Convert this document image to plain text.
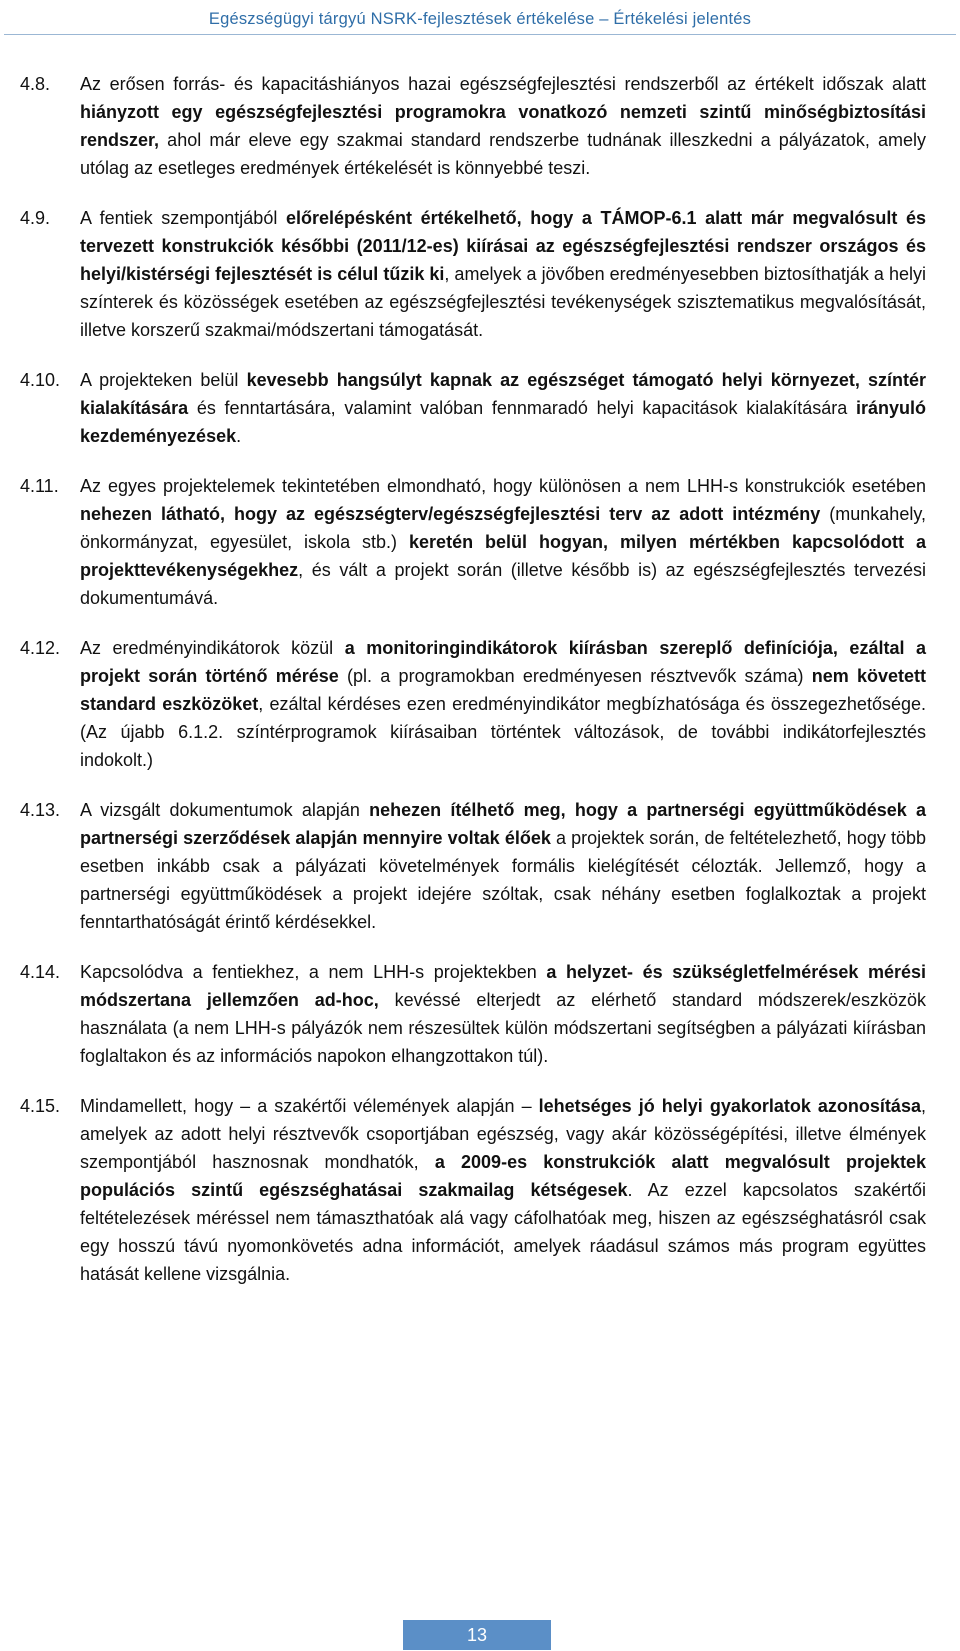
Egészségügyi tárgyú NSRK-fejlesztések értékelése – Értékelési jelentés
4.8. Az erősen forrás- és kapacitáshiányos hazai egészségfejlesztési rendszerből az értékelt időszak alatt hiányzott egy egészségfejlesztési programokra vonatkozó nemzeti szintű minőségbiztosítási rendszer, ahol már eleve egy szakmai standard rendszerbe tudnának illeszkedni a pályázatok, amely utólag az esetleges eredmények értékelését is könnyebbé teszi.
4.9. A fentiek szempontjából előrelépésként értékelhető, hogy a TÁMOP-6.1 alatt már megvalósult és tervezett konstrukciók későbbi (2011/12-es) kiírásai az egészségfejlesztési rendszer országos és helyi/kistérségi fejlesztését is célul tűzik ki, amelyek a jövőben eredményesebben biztosíthatják a helyi színterek és közösségek esetében az egészségfejlesztési tevékenységek szisztematikus megvalósítását, illetve korszerű szakmai/módszertani támogatását.
4.10. A projekteken belül kevesebb hangsúlyt kapnak az egészséget támogató helyi környezet, színtér kialakítására és fenntartására, valamint valóban fennmaradó helyi kapacitások kialakítására irányuló kezdeményezések.
4.11. Az egyes projektelemek tekintetében elmondható, hogy különösen a nem LHH-s konstrukciók esetében nehezen látható, hogy az egészségterv/egészségfejlesztési terv az adott intézmény (munkahely, önkormányzat, egyesület, iskola stb.) keretén belül hogyan, milyen mértékben kapcsolódott a projekttevékenységekhez, és vált a projekt során (illetve később is) az egészségfejlesztés tervezési dokumentumává.
4.12. Az eredményindikátorok közül a monitoringindikátorok kiírásban szereplő definíciója, ezáltal a projekt során történő mérése (pl. a programokban eredményesen résztvevők száma) nem követett standard eszközöket, ezáltal kérdéses ezen eredményindikátor megbízhatósága és összegezhetősége. (Az újabb 6.1.2. színtérprogramok kiírásaiban történtek változások, de további indikátorfejlesztés indokolt.)
4.13. A vizsgált dokumentumok alapján nehezen ítélhető meg, hogy a partnerségi együttműködések a partnerségi szerződések alapján mennyire voltak élőek a projektek során, de feltételezhető, hogy több esetben inkább csak a pályázati követelmények formális kielégítését célozták. Jellemző, hogy a partnerségi együttműködések a projekt idejére szóltak, csak néhány esetben foglalkoztak a projekt fenntarthatóságát érintő kérdésekkel.
4.14. Kapcsolódva a fentiekhez, a nem LHH-s projektekben a helyzet- és szükségletfelmérések mérési módszertana jellemzően ad-hoc, kevéssé elterjedt az elérhető standard módszerek/eszközök használata (a nem LHH-s pályázók nem részesültek külön módszertani segítségben a pályázati kiírásban foglaltakon és az információs napokon elhangzottakon túl).
4.15. Mindamellett, hogy – a szakértői vélemények alapján – lehetséges jó helyi gyakorlatok azonosítása, amelyek az adott helyi résztvevők csoportjában egészség, vagy akár közösségépítési, illetve élmények szempontjából hasznosnak mondhatók, a 2009-es konstrukciók alatt megvalósult projektek populációs szintű egészséghatásai szakmailag kétségesek. Az ezzel kapcsolatos szakértői feltételezések méréssel nem támaszthatóak alá vagy cáfolhatóak meg, hiszen az egészséghatásról csak egy hosszú távú nyomonkövetés adna információt, amelyek ráadásul számos más program együttes hatását kellene vizsgálnia.
13
